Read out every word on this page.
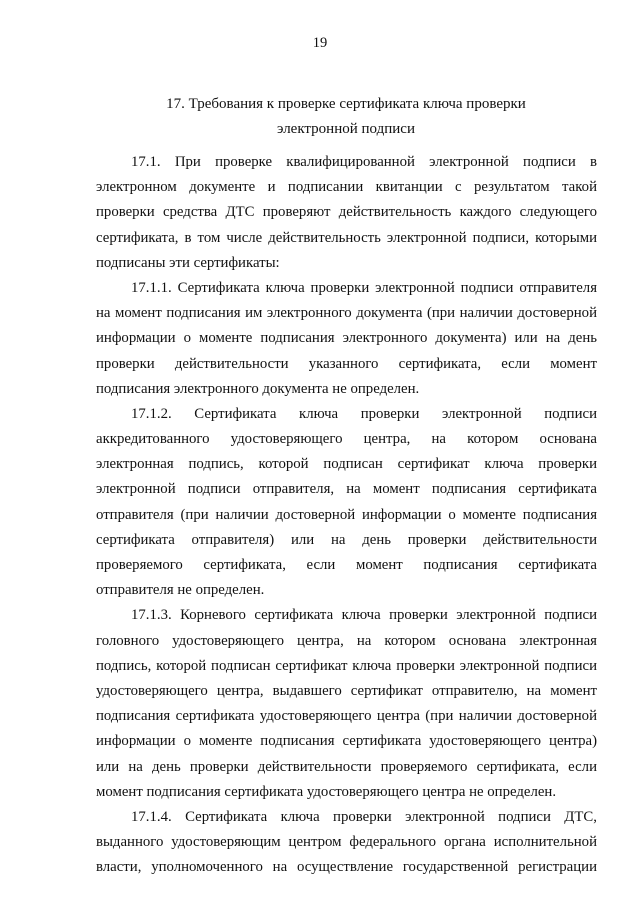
19
17. Требования к проверке сертификата ключа проверки
электронной подписи
17.1. При проверке квалифицированной электронной подписи в
электронном документе и подписании квитанции с результатом такой
проверки средства ДТС проверяют действительность каждого следующего
сертификата, в том числе действительность электронной подписи, которыми
подписаны эти сертификаты:
17.1.1. Сертификата ключа проверки электронной подписи отправителя
на момент подписания им электронного документа (при наличии достоверной
информации о моменте подписания электронного документа) или на день
проверки действительности указанного сертификата, если момент
подписания электронного документа не определен.
17.1.2. Сертификата ключа проверки электронной подписи
аккредитованного удостоверяющего центра, на котором основана
электронная подпись, которой подписан сертификат ключа проверки
электронной подписи отправителя, на момент подписания сертификата
отправителя (при наличии достоверной информации о моменте подписания
сертификата отправителя) или на день проверки действительности
проверяемого сертификата, если момент подписания сертификата
отправителя не определен.
17.1.3. Корневого сертификата ключа проверки электронной подписи
головного удостоверяющего центра, на котором основана электронная
подпись, которой подписан сертификат ключа проверки электронной подписи
удостоверяющего центра, выдавшего сертификат отправителю, на момент
подписания сертификата удостоверяющего центра (при наличии достоверной
информации о моменте подписания сертификата удостоверяющего центра)
или на день проверки действительности проверяемого сертификата, если
момент подписания сертификата удостоверяющего центра не определен.
17.1.4. Сертификата ключа проверки электронной подписи ДТС,
выданного удостоверяющим центром федерального органа исполнительной
власти, уполномоченного на осуществление государственной регистрации
